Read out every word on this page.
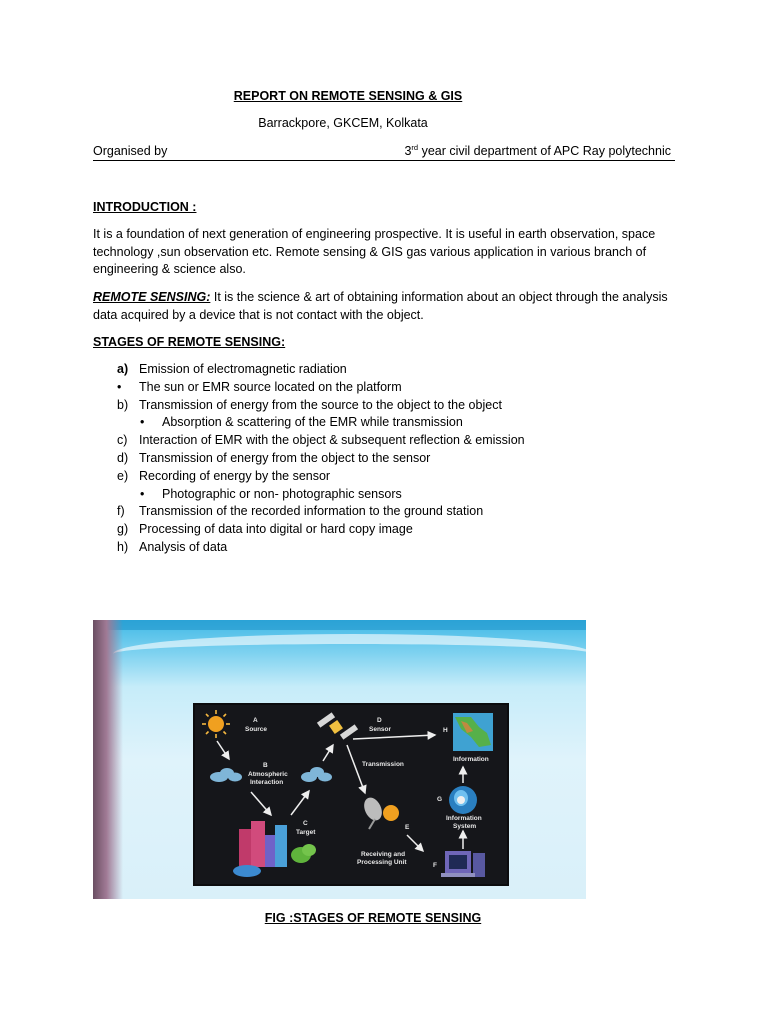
REPORT ON REMOTE SENSING & GIS
Barrackpore, GKCEM, Kolkata
Organised by	3rd year civil department of APC Ray polytechnic
INTRODUCTION :
It is a foundation of next generation of engineering prospective. It is useful in earth observation, space technology ,sun observation etc. Remote sensing & GIS gas various application in various branch of engineering & science also.
REMOTE SENSING: It is the science & art of obtaining information about an object through the analysis data acquired by a device that is not contact with the object.
STAGES OF REMOTE SENSING:
a) Emission of electromagnetic radiation
• The sun or EMR source located on the platform
b) Transmission of energy from the source to the object to the object
• Absorption & scattering of the EMR while transmission
c) Interaction of EMR with the object & subsequent reflection & emission
d) Transmission of energy from the object to the sensor
e) Recording of energy by the sensor
• Photographic or non- photographic sensors
f) Transmission of the recorded information to the ground station
g) Processing of data into digital or hard copy image
h) Analysis of data
A
Source
B
Atmospheric
Interaction
C
Target
D
Sensor
Transmission
E
Receiving and
Processing Unit	F
G
Information
System
H
Information
FIG :STAGES OF REMOTE SENSING
